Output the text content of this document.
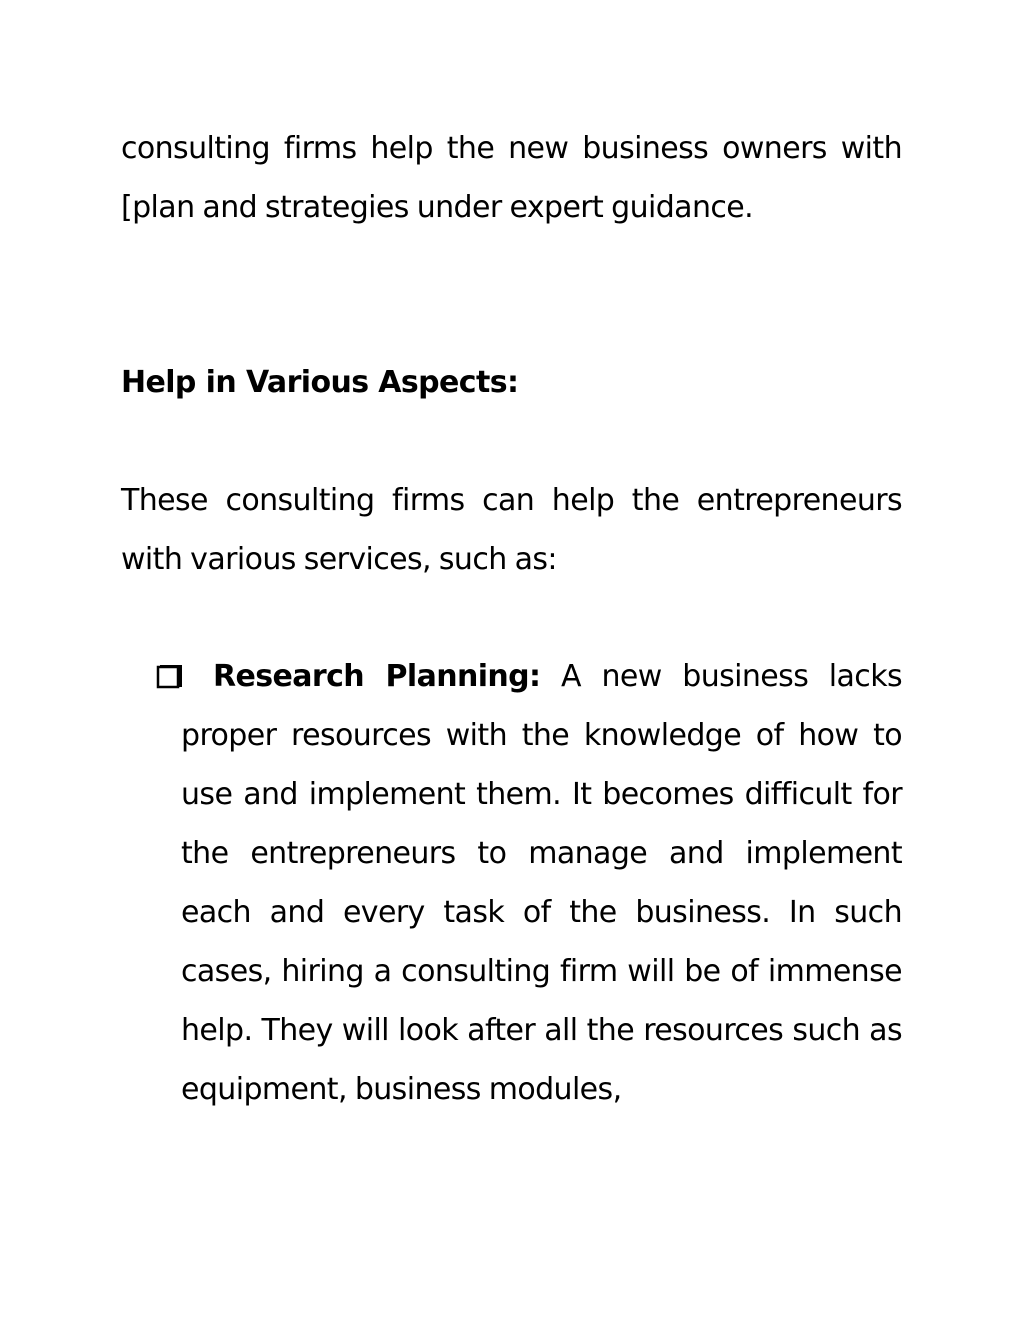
consulting firms help the new business owners with [plan and strategies under expert guidance.

Help in Various Aspects:

These consulting firms can help the entrepreneurs with various services, such as:

Research Planning: A new business lacks proper resources with the knowledge of how to use and implement them. It becomes difficult for the entrepreneurs to manage and implement each and every task of the business. In such cases, hiring a consulting firm will be of immense help. They will look after all the resources such as equipment, business modules,
